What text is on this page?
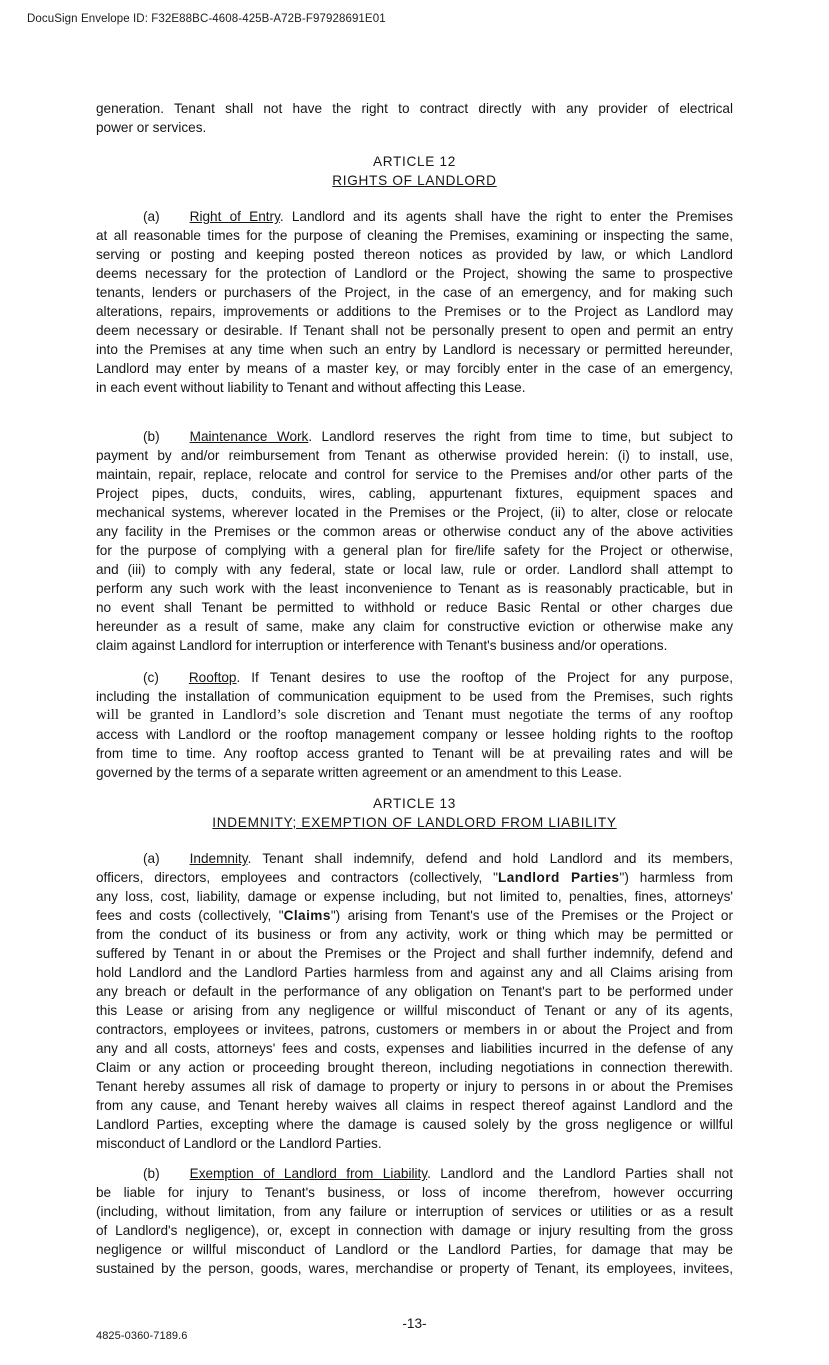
DocuSign Envelope ID: F32E88BC-4608-425B-A72B-F97928691E01
generation. Tenant shall not have the right to contract directly with any provider of electrical
power or services.
ARTICLE 12
RIGHTS OF LANDLORD
(a) Right of Entry. Landlord and its agents shall have the right to enter the Premises
at all reasonable times for the purpose of cleaning the Premises, examining or inspecting the same,
serving or posting and keeping posted thereon notices as provided by law, or which Landlord
deems necessary for the protection of Landlord or the Project, showing the same to prospective
tenants, lenders or purchasers of the Project, in the case of an emergency, and for making such
alterations, repairs, improvements or additions to the Premises or to the Project as Landlord may
deem necessary or desirable. If Tenant shall not be personally present to open and permit an entry
into the Premises at any time when such an entry by Landlord is necessary or permitted hereunder,
Landlord may enter by means of a master key, or may forcibly enter in the case of an emergency,
in each event without liability to Tenant and without affecting this Lease.
(b) Maintenance Work. Landlord reserves the right from time to time, but subject to
payment by and/or reimbursement from Tenant as otherwise provided herein: (i) to install, use,
maintain, repair, replace, relocate and control for service to the Premises and/or other parts of the
Project pipes, ducts, conduits, wires, cabling, appurtenant fixtures, equipment spaces and
mechanical systems, wherever located in the Premises or the Project, (ii) to alter, close or relocate
any facility in the Premises or the common areas or otherwise conduct any of the above activities
for the purpose of complying with a general plan for fire/life safety for the Project or otherwise,
and (iii) to comply with any federal, state or local law, rule or order. Landlord shall attempt to
perform any such work with the least inconvenience to Tenant as is reasonably practicable, but in
no event shall Tenant be permitted to withhold or reduce Basic Rental or other charges due
hereunder as a result of same, make any claim for constructive eviction or otherwise make any
claim against Landlord for interruption or interference with Tenant's business and/or operations.
(c) Rooftop. If Tenant desires to use the rooftop of the Project for any purpose,
including the installation of communication equipment to be used from the Premises, such rights
will be granted in Landlord’s sole discretion and Tenant must negotiate the terms of any rooftop
access with Landlord or the rooftop management company or lessee holding rights to the rooftop
from time to time. Any rooftop access granted to Tenant will be at prevailing rates and will be
governed by the terms of a separate written agreement or an amendment to this Lease.
ARTICLE 13
INDEMNITY; EXEMPTION OF LANDLORD FROM LIABILITY
(a) Indemnity. Tenant shall indemnify, defend and hold Landlord and its members,
officers, directors, employees and contractors (collectively, "Landlord Parties") harmless from
any loss, cost, liability, damage or expense including, but not limited to, penalties, fines, attorneys'
fees and costs (collectively, "Claims") arising from Tenant's use of the Premises or the Project or
from the conduct of its business or from any activity, work or thing which may be permitted or
suffered by Tenant in or about the Premises or the Project and shall further indemnify, defend and
hold Landlord and the Landlord Parties harmless from and against any and all Claims arising from
any breach or default in the performance of any obligation on Tenant's part to be performed under
this Lease or arising from any negligence or willful misconduct of Tenant or any of its agents,
contractors, employees or invitees, patrons, customers or members in or about the Project and from
any and all costs, attorneys' fees and costs, expenses and liabilities incurred in the defense of any
Claim or any action or proceeding brought thereon, including negotiations in connection therewith.
Tenant hereby assumes all risk of damage to property or injury to persons in or about the Premises
from any cause, and Tenant hereby waives all claims in respect thereof against Landlord and the
Landlord Parties, excepting where the damage is caused solely by the gross negligence or willful
misconduct of Landlord or the Landlord Parties.
(b) Exemption of Landlord from Liability. Landlord and the Landlord Parties shall not
be liable for injury to Tenant's business, or loss of income therefrom, however occurring
(including, without limitation, from any failure or interruption of services or utilities or as a result
of Landlord's negligence), or, except in connection with damage or injury resulting from the gross
negligence or willful misconduct of Landlord or the Landlord Parties, for damage that may be
sustained by the person, goods, wares, merchandise or property of Tenant, its employees, invitees,
-13-
4825-0360-7189.6
